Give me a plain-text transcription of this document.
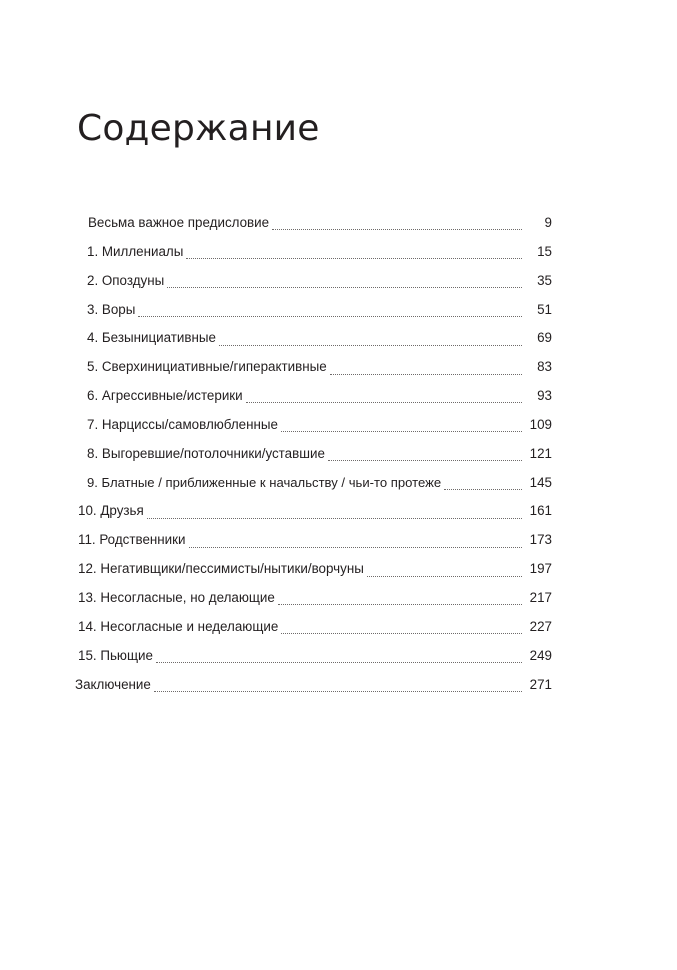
Содержание
Весьма важное предисловие	9
1. Миллениалы	15
2. Опоздуны	35
3. Воры	51
4. Безынициативные	69
5. Сверхинициативные/гиперактивные	83
6. Агрессивные/истерики	93
7. Нарциссы/самовлюбленные	109
8. Выгоревшие/потолочники/уставшие	121
9. Блатные / приближенные к начальству / чьи-то протеже	145
10. Друзья	161
11. Родственники	173
12. Негативщики/пессимисты/нытики/ворчуны	197
13. Несогласные, но делающие	217
14. Несогласные и неделающие	227
15. Пьющие	249
Заключение	271
